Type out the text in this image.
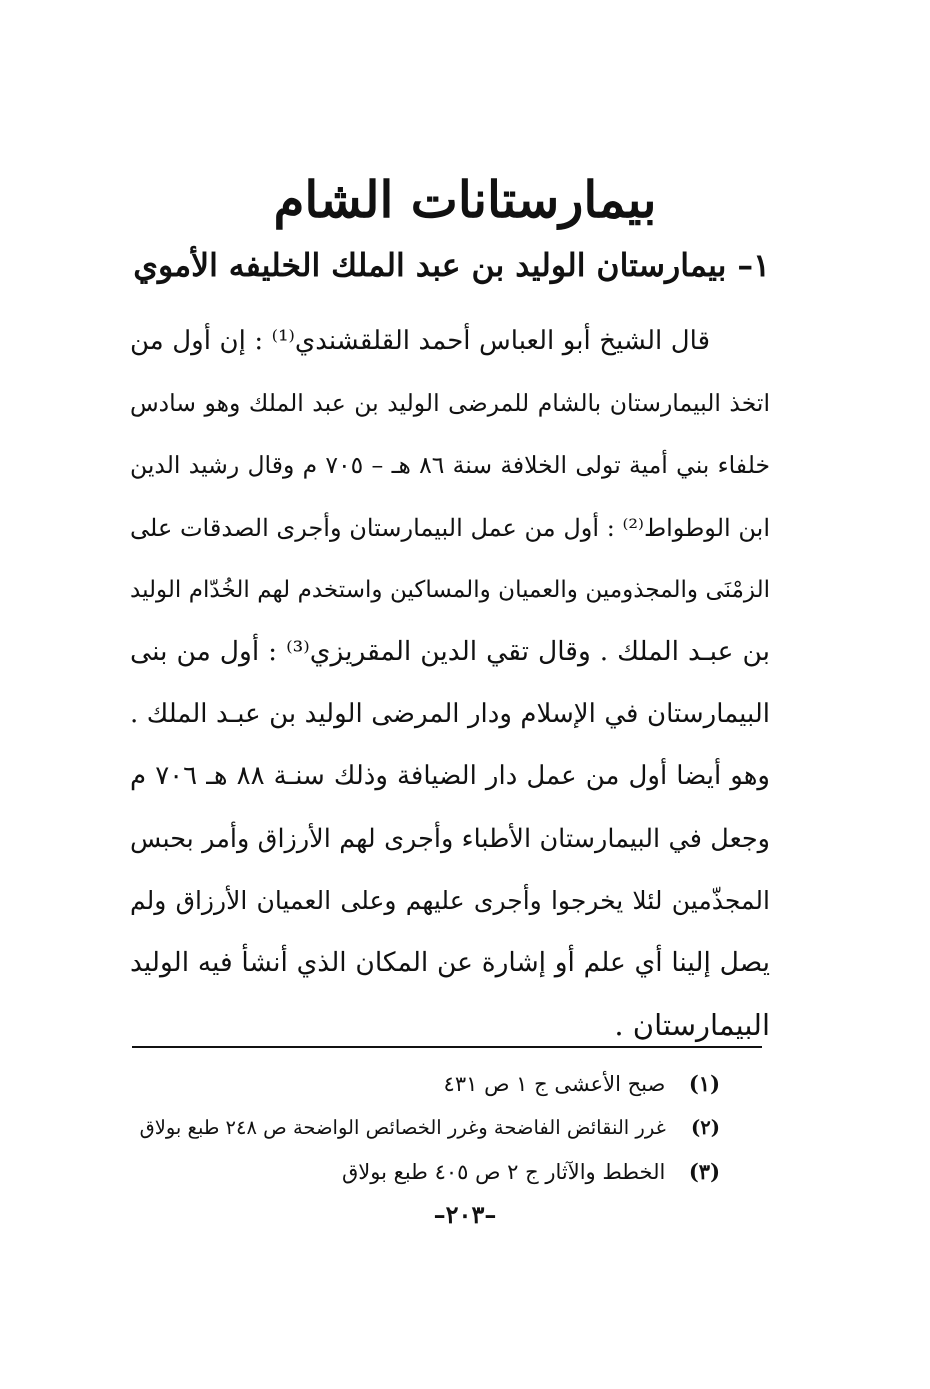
بيمارستانات الشام
١– بيمارستان الوليد بن عبد الملك الخليفه الأموي
قال الشيخ أبو العباس أحمد القلقشندي⁽¹⁾ : إن أول من
اتخذ البيمارستان بالشام للمرضى الوليد بن عبد الملك وهو سادس
خلفاء بني أمية تولى الخلافة سنة ٨٦ هـ – ٧٠٥ م وقال رشيد الدين
ابن الوطواط⁽²⁾ : أول من عمل البيمارستان وأجرى الصدقات على
الزمْنَى والمجذومين والعميان والمساكين واستخدم لهم الخُدّام الوليد
بن عبـد الملك . وقال تقي الدين المقريزي⁽³⁾ : أول من بنى
البيمارستان في الإسلام ودار المرضى الوليد بن عبـد الملك .
وهو أيضا أول من عمل دار الضيافة وذلك سنـة ٨٨ هـ ٧٠٦ م
وجعل في البيمارستان الأطباء وأجرى لهم الأرزاق وأمر بحبس
المجذّمين لئلا يخرجوا وأجرى عليهم وعلى العميان الأرزاق ولم
يصل إلينا أي علم أو إشارة عن المكان الذي أنشأ فيه الوليد
البيمارستان .
(١) صبح الأعشى ج ١ ص ٤٣١
(٢) غرر النقائض الفاضحة وغرر الخصائص الواضحة ص ٢٤٨ طبع بولاق
(٣) الخطط والآثار ج ٢ ص ٤٠٥ طبع بولاق
–٢٠٣–
